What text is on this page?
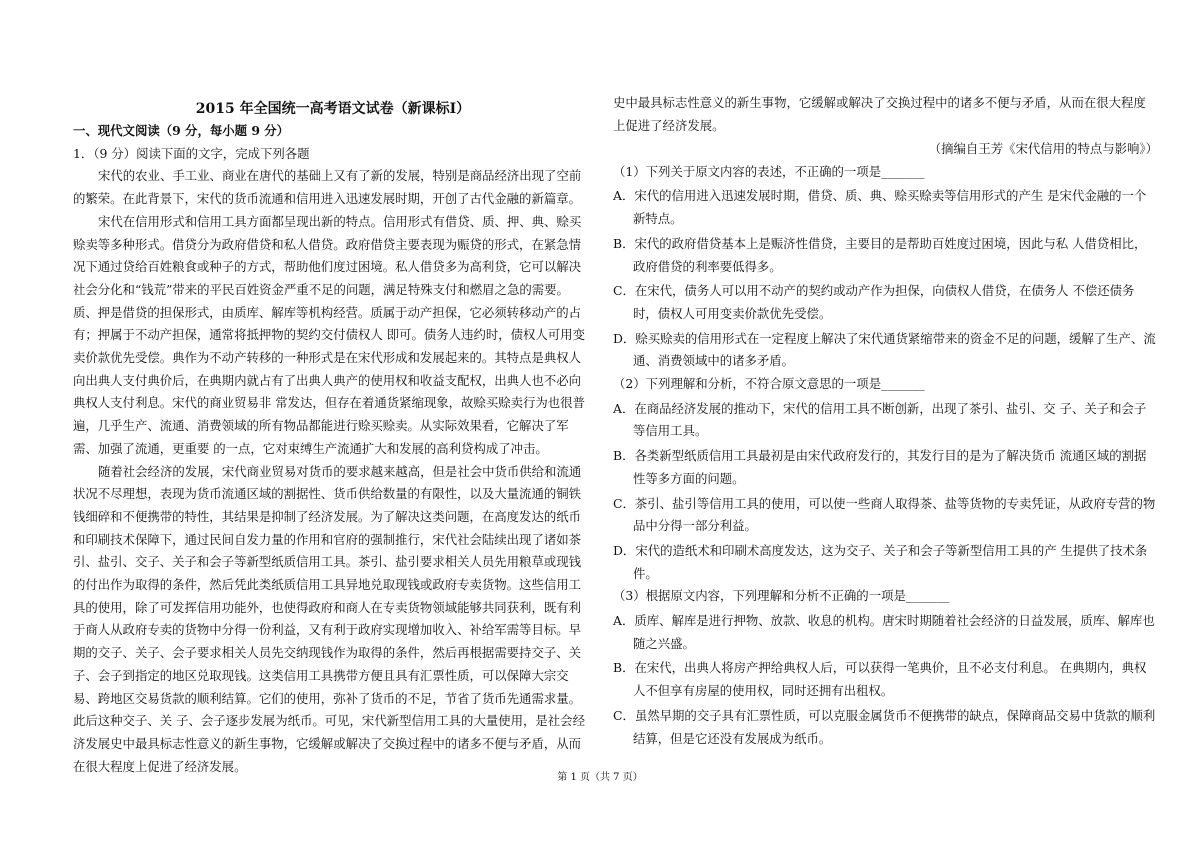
2015 年全国统一高考语文试卷（新课标Ⅰ）

一、现代文阅读（9 分，每小题 9 分）

1．（9 分）阅读下面的文字，完成下列各题

宋代的农业、手工业、商业在唐代的基础上又有了新的发展，特别是商品经济出现了空前的繁荣。在此背景下，宋代的货币流通和信用进入迅速发展时期，开创了古代金融的新篇章。

宋代在信用形式和信用工具方面都呈现出新的特点。信用形式有借贷、质、押、典、赊买赊卖等多种形式。借贷分为政府借贷和私人借贷。政府借贷主要表现为赈贷的形式，在紧急情况下通过贷给百姓粮食或种子的方式，帮助他们度过困境。私人借贷多为高利贷，它可以解决社会分化和“钱荒”带来的平民百姓资金严重不足的问题，满足特殊支付和燃眉之急的需要。质、押是借贷的担保形式，由质库、解库等机构经营。质属于动产担保，它必须转移动产的占有；押属于不动产担保，通常将抵押物的契约交付债权人 即可。债务人违约时，债权人可用变卖价款优先受偿。典作为不动产转移的一种形式是在宋代形成和发展起来的。其特点是典权人向出典人支付典价后，在典期内就占有了出典人典产的使用权和收益支配权，出典人也不必向典权人支付利息。宋代的商业贸易非 常发达，但存在着通货紧缩现象，故赊买赊卖行为也很普遍，几乎生产、流通、消费领域的所有物品都能进行赊买赊卖。从实际效果看，它解决了军需、加强了流通，更重要 的一点，它对束缚生产流通扩大和发展的高利贷构成了冲击。

随着社会经济的发展，宋代商业贸易对货币的要求越来越高，但是社会中货币供给和流通状况不尽理想，表现为货币流通区域的割据性、货币供给数量的有限性，以及大量流通的铜铁钱细碎和不便携带的特性，其结果是抑制了经济发展。为了解决这类问题，在高度发达的纸币和印刷技术保障下，通过民间自发力量的作用和官府的强制推行，宋代社会陆续出现了诸如茶引、盐引、交子、关子和会子等新型纸质信用工具。茶引、盐引要求相关人员先用粮草或现钱的付出作为取得的条件，然后凭此类纸质信用工具异地兑取现钱或政府专卖货物。这些信用工具的使用，除了可发挥信用功能外，也使得政府和商人在专卖货物领域能够共同获利，既有利于商人从政府专卖的货物中分得一份利益，又有利于政府实现增加收入、补给军需等目标。早期的交子、关子、会子要求相关人员先交纳现钱作为取得的条件，然后再根据需要持交子、关子、会子到指定的地区兑取现钱。这类信用工具携带方便且具有汇票性质，可以保障大宗交易、跨地区交易货款的顺利结算。它们的使用，弥补了货币的不足，节省了货币先通需求量。此后这种交子、关 子、会子逐步发展为纸币。可见，宋代新型信用工具的大量使用，是社会经济发展史中最具标志性意义的新生事物，它缓解或解决了交换过程中的诸多不便与矛盾，从而在很大程度上促进了经济发展。

史中最具标志性意义的新生事物，它缓解或解决了交换过程中的诸多不便与矛盾，从而在很大程度上促进了经济发展。

（摘编自王芳《宋代信用的特点与影响》）

（1）下列关于原文内容的表述，不正确的一项是_______

A．宋代的信用进入迅速发展时期，借贷、质、典、赊买赊卖等信用形式的产生 是宋代金融的一个新特点。

B．宋代的政府借贷基本上是赈济性借贷，主要目的是帮助百姓度过困境，因此与私 人借贷相比，政府借贷的利率要低得多。

C．在宋代，债务人可以用不动产的契约或动产作为担保，向债权人借贷，在债务人 不偿还债务时，债权人可用变卖价款优先受偿。

D．赊买赊卖的信用形式在一定程度上解决了宋代通货紧缩带来的资金不足的问题，缓解了生产、流通、消费领域中的诸多矛盾。

（2）下列理解和分析，不符合原文意思的一项是_______

A．在商品经济发展的推动下，宋代的信用工具不断创新，出现了茶引、盐引、交 子、关子和会子等信用工具。

B．各类新型纸质信用工具最初是由宋代政府发行的，其发行目的是为了解决货币 流通区域的割据性等多方面的问题。

C．茶引、盐引等信用工具的使用，可以使一些商人取得茶、盐等货物的专卖凭证，从政府专营的物品中分得一部分利益。

D．宋代的造纸术和印刷术高度发达，这为交子、关子和会子等新型信用工具的产 生提供了技术条件。

（3）根据原文内容，下列理解和分析不正确的一项是_______

A．质库、解库是进行押物、放款、收息的机构。唐宋时期随着社会经济的日益发展，质库、解库也随之兴盛。

B．在宋代，出典人将房产押给典权人后，可以获得一笔典价，且不必支付利息。 在典期内，典权人不但享有房屋的使用权，同时还拥有出租权。

C．虽然早期的交子具有汇票性质，可以克服金属货币不便携带的缺点，保障商品交易中货款的顺利结算，但是它还没有发展成为纸币。

第 1 页（共 7 页）
